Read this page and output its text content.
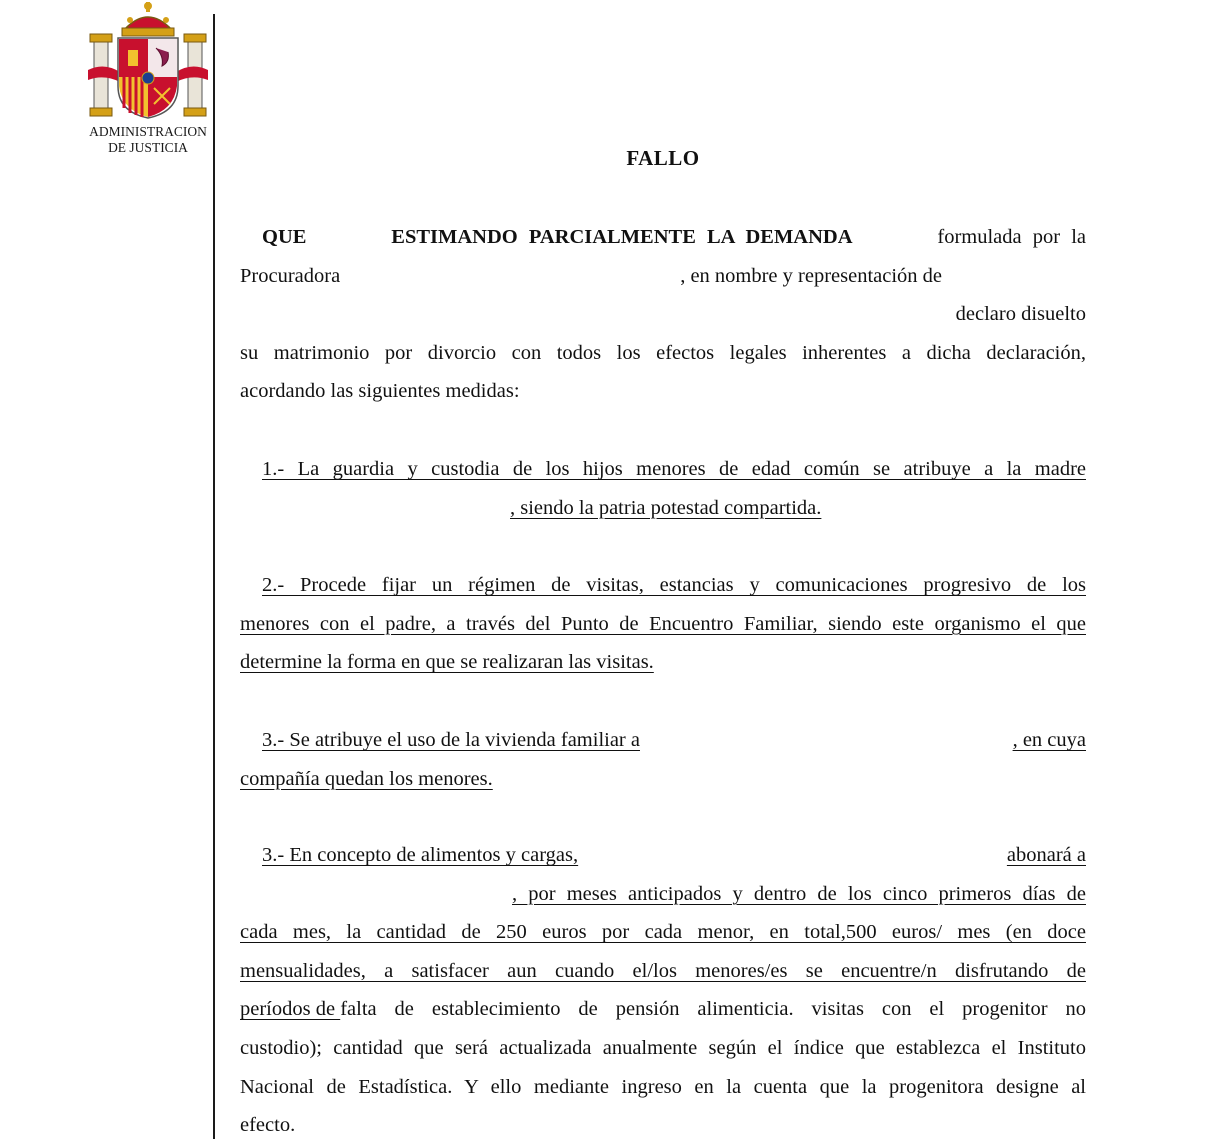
ADMINISTRACION
DE JUSTICIA	FALLO
QUE	ESTIMANDO PARCIALMENTE LA DEMANDA	formulada por la
Procuradora	, en nombre y representación de
declaro disuelto
su matrimonio por divorcio con todos los efectos legales inherentes a dicha declaración,
acordando las siguientes medidas:
1.- La guardia y custodia de los hijos menores de edad común se atribuye a la madre
, siendo la patria potestad compartida.
2.- Procede fijar un régimen de visitas, estancias y comunicaciones progresivo de los
menores con el padre, a través del Punto de Encuentro Familiar, siendo este organismo el que
determine la forma en que se realizaran las visitas.
3.- Se atribuye el uso de la vivienda familiar a	, en cuya
compañía quedan los menores.
3.- En concepto de alimentos y cargas,	abonará a
, por meses anticipados y dentro de los cinco primeros días de
cada mes, la cantidad de 250 euros por cada menor, en total,500 euros/ mes (en doce
mensualidades, a satisfacer aun cuando el/los menores/es se encuentre/n disfrutando de
períodos de falta de establecimiento de pensión alimenticia. visitas con el progenitor no
custodio); cantidad que será actualizada anualmente según el índice que establezca el Instituto
Nacional de Estadística. Y ello mediante ingreso en la cuenta que la progenitora designe al
efecto.
